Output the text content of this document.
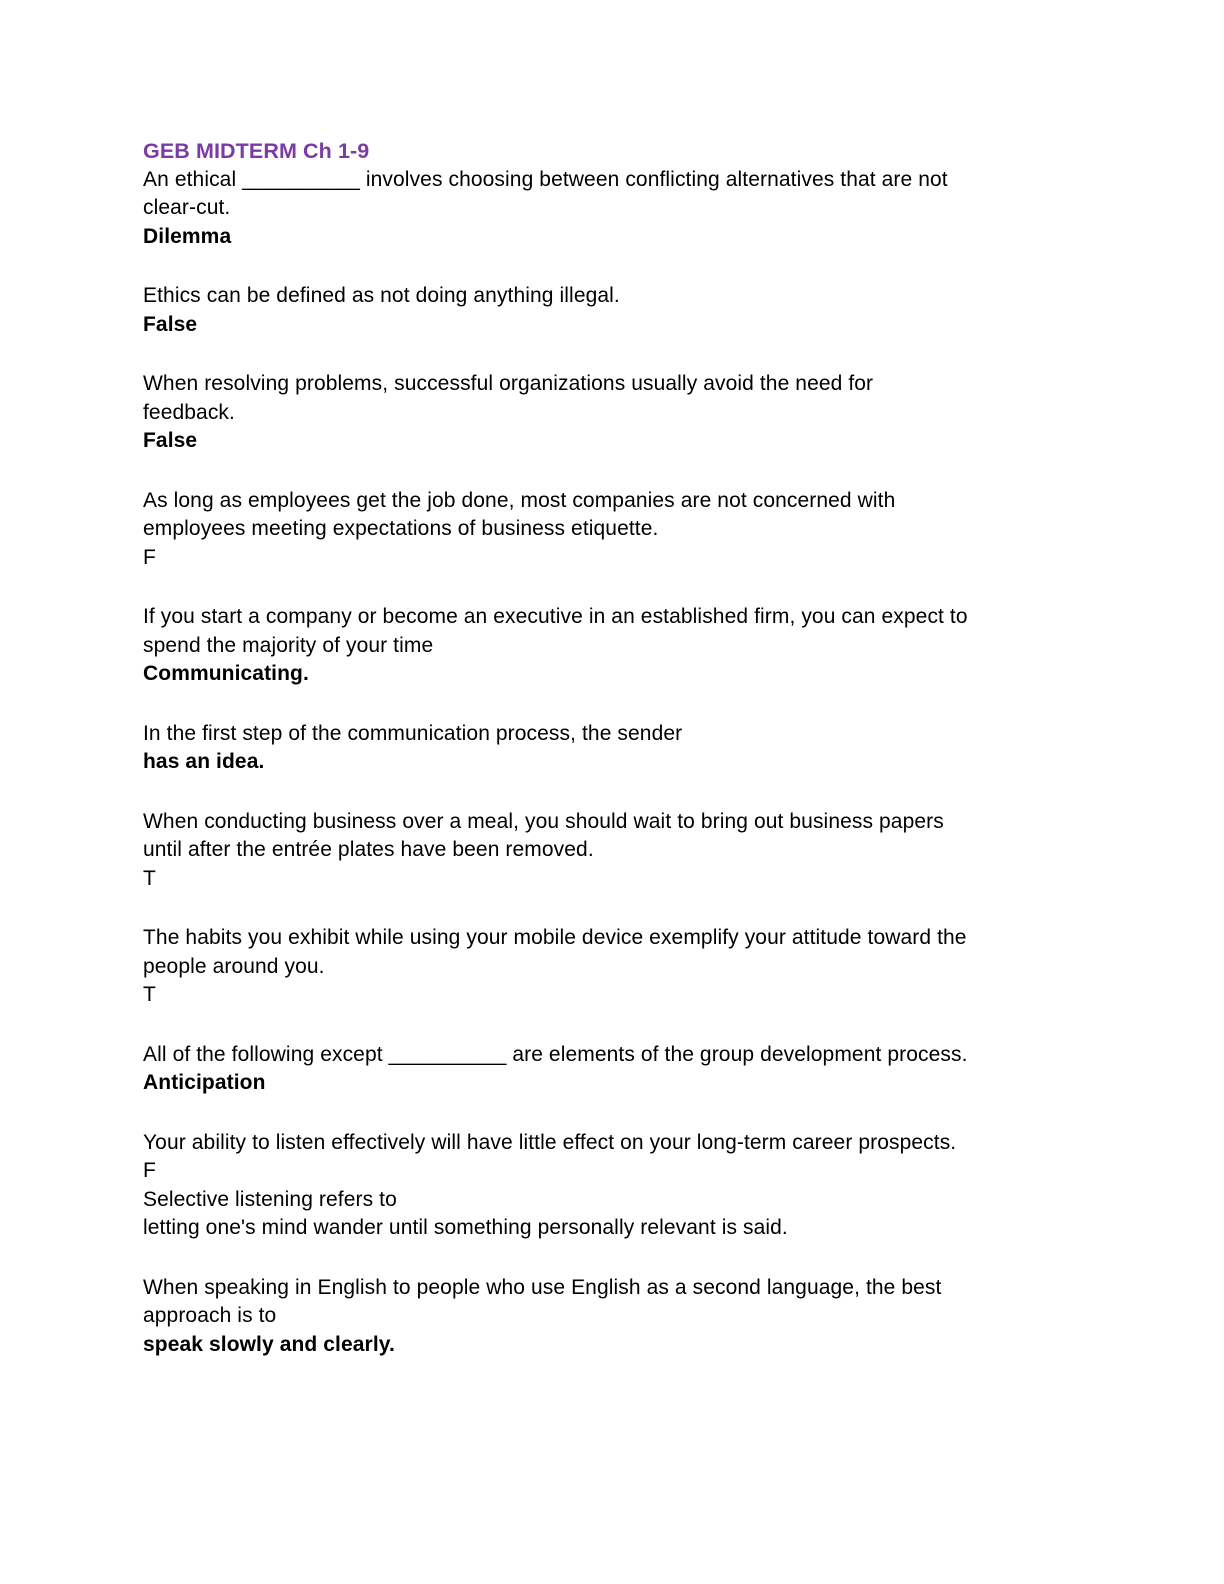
GEB MIDTERM Ch 1-9

An ethical __________ involves choosing between conflicting alternatives that are not

clear-cut.

Dilemma

Ethics can be defined as not doing anything illegal.

False

When resolving problems, successful organizations usually avoid the need for

feedback.

False

As long as employees get the job done, most companies are not concerned with

employees meeting expectations of business etiquette.

F

If you start a company or become an executive in an established firm, you can expect to

spend the majority of your time

Communicating.

In the first step of the communication process, the sender

has an idea.

When conducting business over a meal, you should wait to bring out business papers

until after the entrée plates have been removed.

T

The habits you exhibit while using your mobile device exemplify your attitude toward the

people around you.

T

All of the following except __________ are elements of the group development process.

Anticipation

Your ability to listen effectively will have little effect on your long-term career prospects.

F

Selective listening refers to

letting one's mind wander until something personally relevant is said.

When speaking in English to people who use English as a second language, the best

approach is to

speak slowly and clearly.
